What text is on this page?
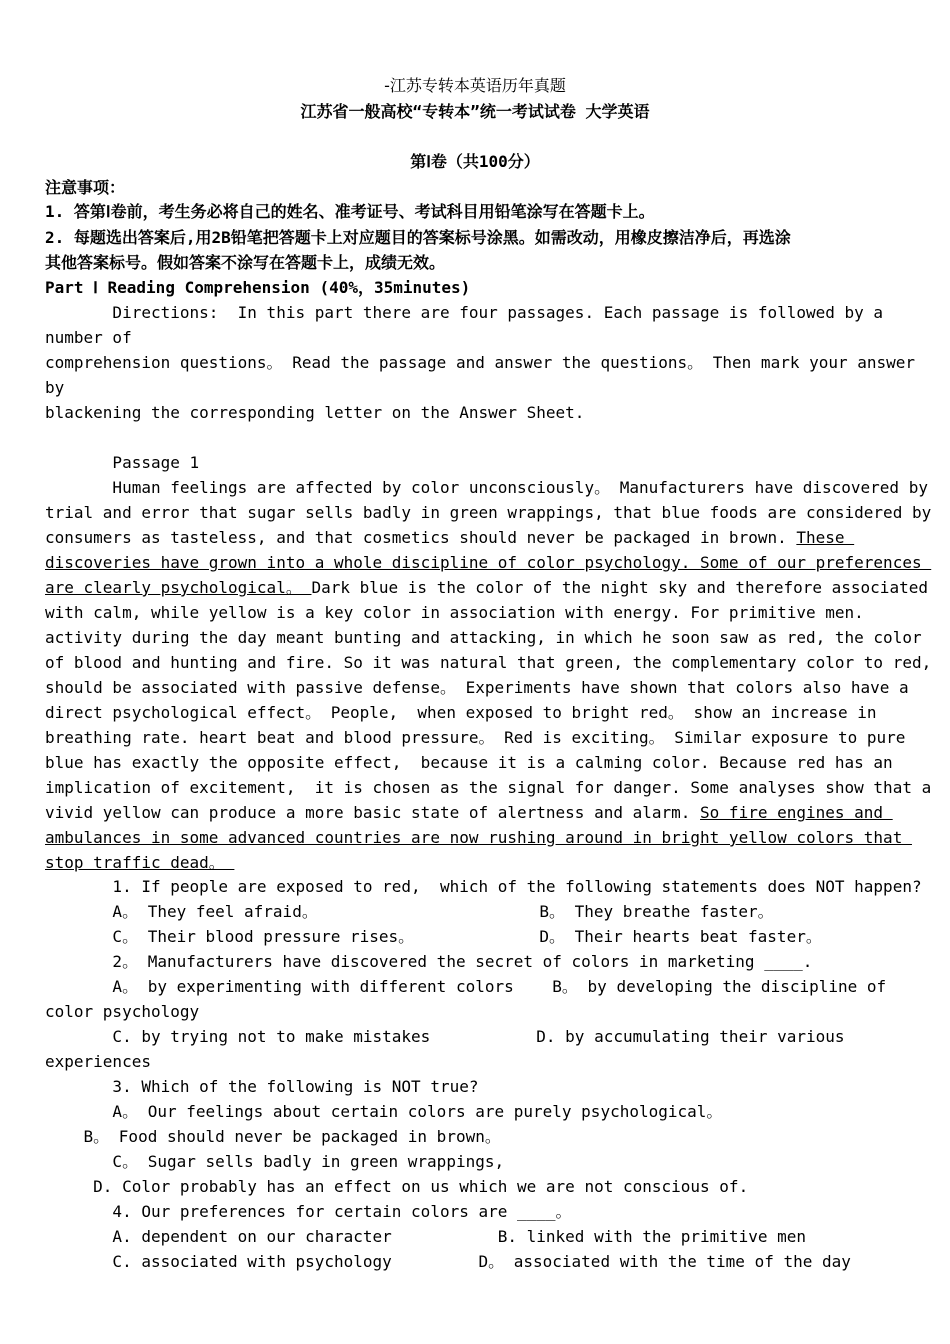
-江苏专转本英语历年真题
江苏省一般高校“专转本”统一考试试卷 大学英语
第Ⅰ卷（共100分）
注意事项：
1. 答第Ⅰ卷前，考生务必将自己的姓名、准考证号、考试科目用铅笔涂写在答题卡上。
2. 每题选出答案后,用2B铅笔把答题卡上对应题目的答案标号涂黑。如需改动，用橡皮擦洁净后，再选涂
其他答案标号。假如答案不涂写在答题卡上，成绩无效。
Part Ⅰ Reading Comprehension (40%，35minutes)
Directions:  In this part there are four passages. Each passage is followed by a
number of
comprehension questions。 Read the passage and answer the questions。 Then mark your answer
by
blackening the corresponding letter on the Answer Sheet.
Passage 1
Human feelings are affected by color unconsciously。 Manufacturers have discovered by
trial and error that sugar sells badly in green wrappings, that blue foods are considered by
consumers as tasteless, and that cosmetics should never be packaged in brown. These
discoveries have grown into a whole discipline of color psychology. Some of our preferences
are clearly psychological。 Dark blue is the color of the night sky and therefore associated
with calm, while yellow is a key color in association with energy. For primitive men.
activity during the day meant bunting and attacking, in which he soon saw as red, the color
of blood and hunting and fire. So it was natural that green, the complementary color to red,
should be associated with passive defense。 Experiments have shown that colors also have a
direct psychological effect。 People,  when exposed to bright red。 show an increase in
breathing rate. heart beat and blood pressure。 Red is exciting。 Similar exposure to pure
blue has exactly the opposite effect,  because it is a calming color. Because red has an
implication of excitement,  it is chosen as the signal for danger. Some analyses show that a
vivid yellow can produce a more basic state of alertness and alarm. So fire engines and
ambulances in some advanced countries are now rushing around in bright yellow colors that
stop traffic dead。
1. If people are exposed to red,  which of the following statements does NOT happen?
A。 They feel afraid。                       B。 They breathe faster。
C。 Their blood pressure rises。             D。 Their hearts beat faster。
2。 Manufacturers have discovered the secret of colors in marketing ____.
A。 by experimenting with different colors    B。 by developing the discipline of
color psychology
C. by trying not to make mistakes           D. by accumulating their various
experiences
3. Which of the following is NOT true?
A。 Our feelings about certain colors are purely psychological。
B。 Food should never be packaged in brown。
C。 Sugar sells badly in green wrappings,
D. Color probably has an effect on us which we are not conscious of.
4. Our preferences for certain colors are ____。
A. dependent on our character           B. linked with the primitive men
C. associated with psychology         D。 associated with the time of the day
